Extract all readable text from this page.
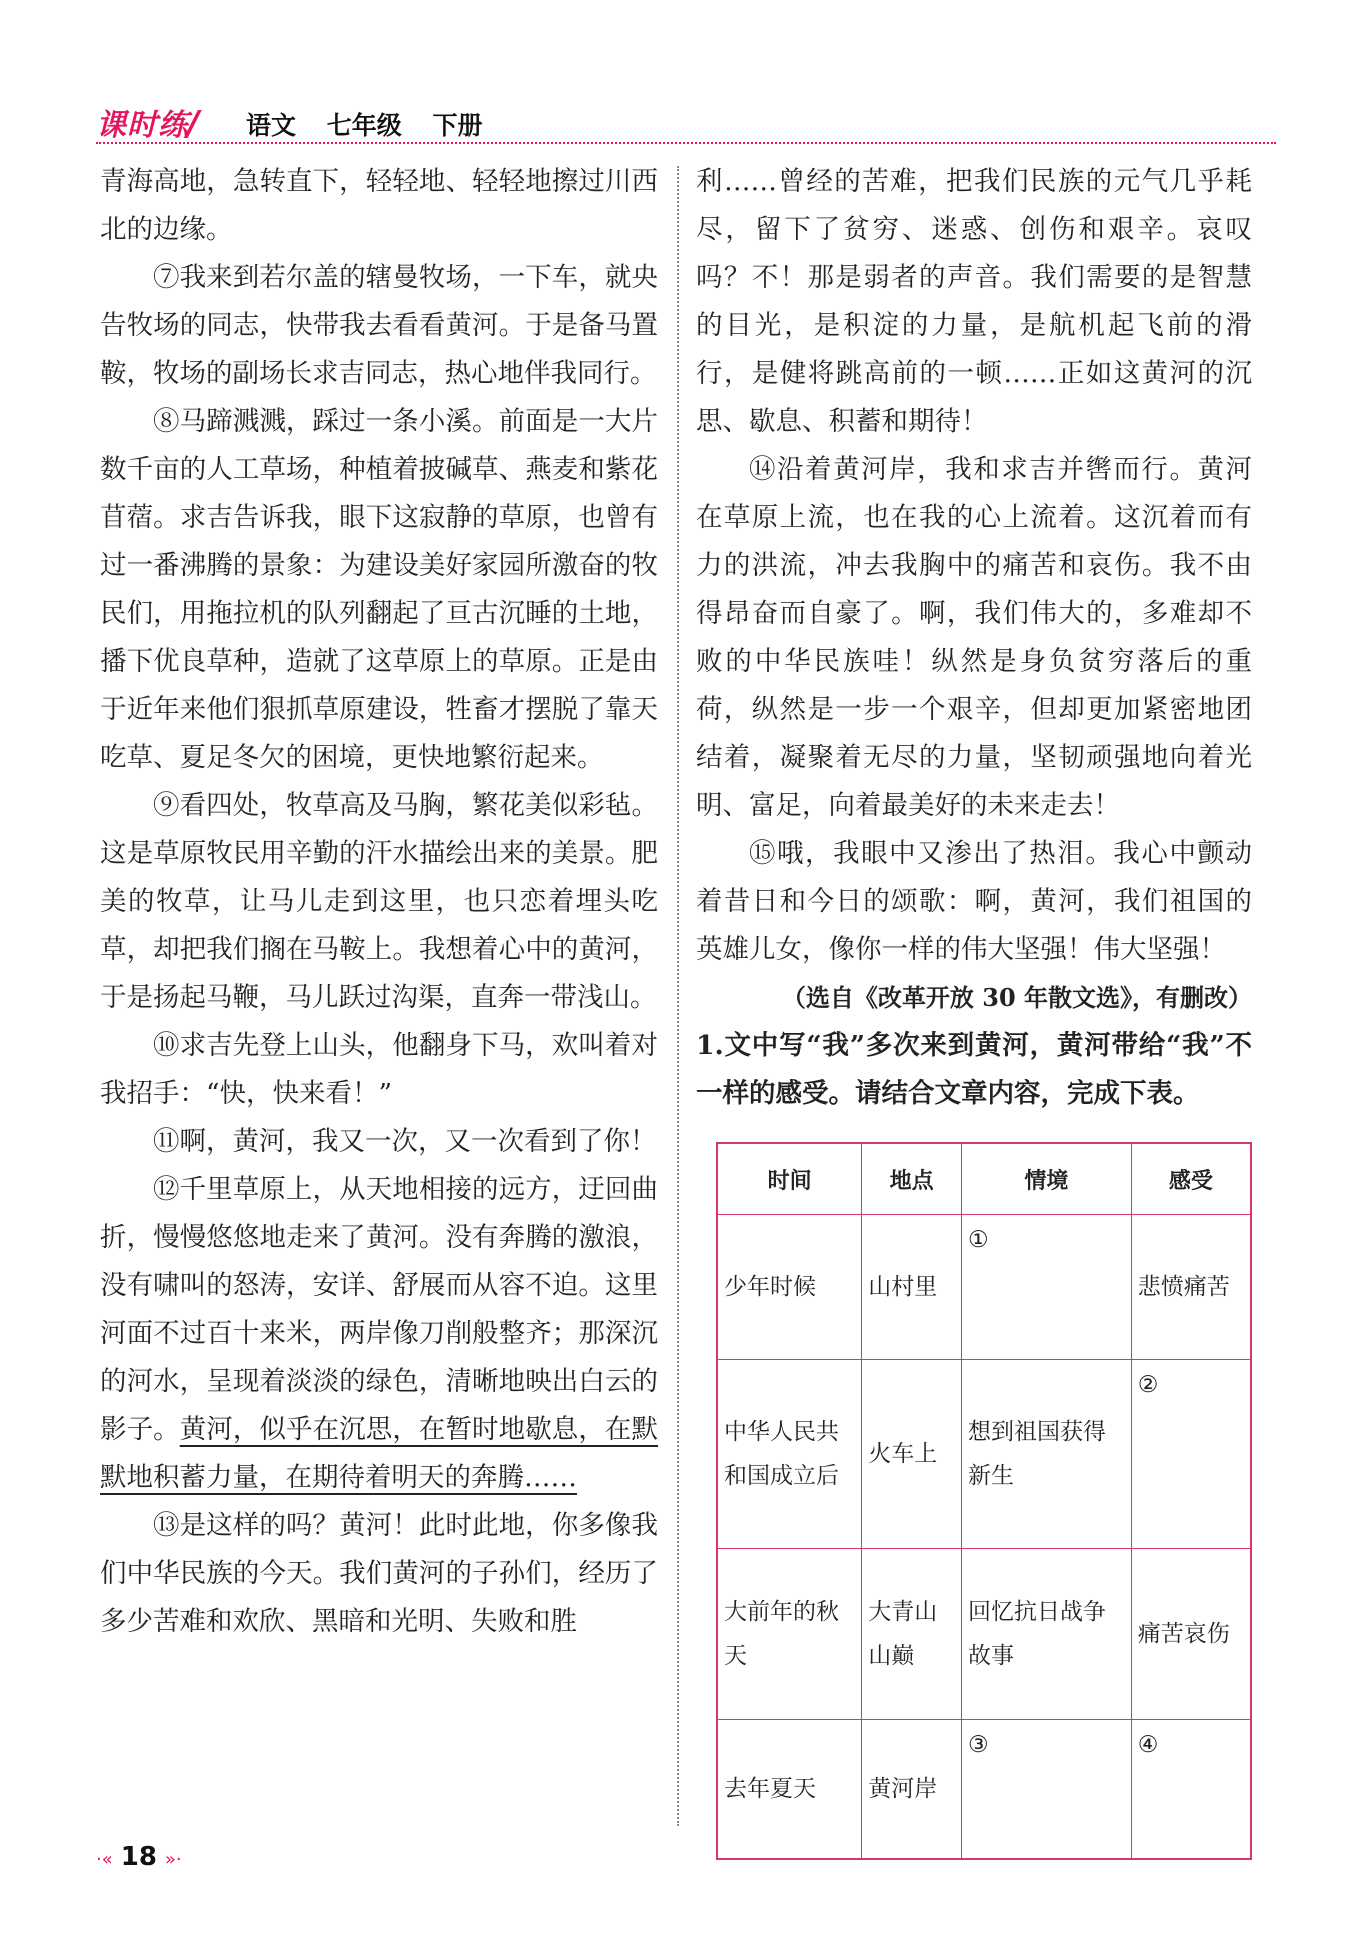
课时练/ 语文 七年级 下册

青海高地，急转直下，轻轻地、轻轻地擦过川西北的边缘。

⑦我来到若尔盖的辖曼牧场，一下车，就央告牧场的同志，快带我去看看黄河。于是备马置鞍，牧场的副场长求吉同志，热心地伴我同行。

⑧马蹄溅溅，踩过一条小溪。前面是一大片数千亩的人工草场，种植着披碱草、燕麦和紫花苜蓿。求吉告诉我，眼下这寂静的草原，也曾有过一番沸腾的景象：为建设美好家园所激奋的牧民们，用拖拉机的队列翻起了亘古沉睡的土地，播下优良草种，造就了这草原上的草原。正是由于近年来他们狠抓草原建设，牲畜才摆脱了靠天吃草、夏足冬欠的困境，更快地繁衍起来。

⑨看四处，牧草高及马胸，繁花美似彩毡。这是草原牧民用辛勤的汗水描绘出来的美景。肥美的牧草，让马儿走到这里，也只恋着埋头吃草，却把我们搁在马鞍上。我想着心中的黄河，于是扬起马鞭，马儿跃过沟渠，直奔一带浅山。

⑩求吉先登上山头，他翻身下马，欢叫着对我招手：“快，快来看！”

⑪啊，黄河，我又一次，又一次看到了你！

⑫千里草原上，从天地相接的远方，迂回曲折，慢慢悠悠地走来了黄河。没有奔腾的激浪，没有啸叫的怒涛，安详、舒展而从容不迫。这里河面不过百十来米，两岸像刀削般整齐；那深沉的河水，呈现着淡淡的绿色，清晰地映出白云的影子。黄河，似乎在沉思，在暂时地歇息，在默默地积蓄力量，在期待着明天的奔腾……

⑬是这样的吗？黄河！此时此地，你多像我们中华民族的今天。我们黄河的子孙们，经历了多少苦难和欢欣、黑暗和光明、失败和胜

利……曾经的苦难，把我们民族的元气几乎耗尽，留下了贫穷、迷惑、创伤和艰辛。哀叹吗？不！那是弱者的声音。我们需要的是智慧的目光，是积淀的力量，是航机起飞前的滑行，是健将跳高前的一顿……正如这黄河的沉思、歇息、积蓄和期待！

⑭沿着黄河岸，我和求吉并辔而行。黄河在草原上流，也在我的心上流着。这沉着而有力的洪流，冲去我胸中的痛苦和哀伤。我不由得昂奋而自豪了。啊，我们伟大的，多难却不败的中华民族哇！纵然是身负贫穷落后的重荷，纵然是一步一个艰辛，但却更加紧密地团结着，凝聚着无尽的力量，坚韧顽强地向着光明、富足，向着最美好的未来走去！

⑮哦，我眼中又渗出了热泪。我心中颤动着昔日和今日的颂歌：啊，黄河，我们祖国的英雄儿女，像你一样的伟大坚强！伟大坚强！

（选自《改革开放 30 年散文选》，有删改）

1.文中写“我”多次来到黄河，黄河带给“我”不一样的感受。请结合文章内容，完成下表。

时间	地点	情境	感受
少年时候	山村里	①	悲愤痛苦
中华人民共和国成立后	火车上	想到祖国获得新生	②

大前年的秋天	大青山山巅	回忆抗日战争故事	痛苦哀伤
去年夏天	黄河岸	③	④
·« 18 »·
